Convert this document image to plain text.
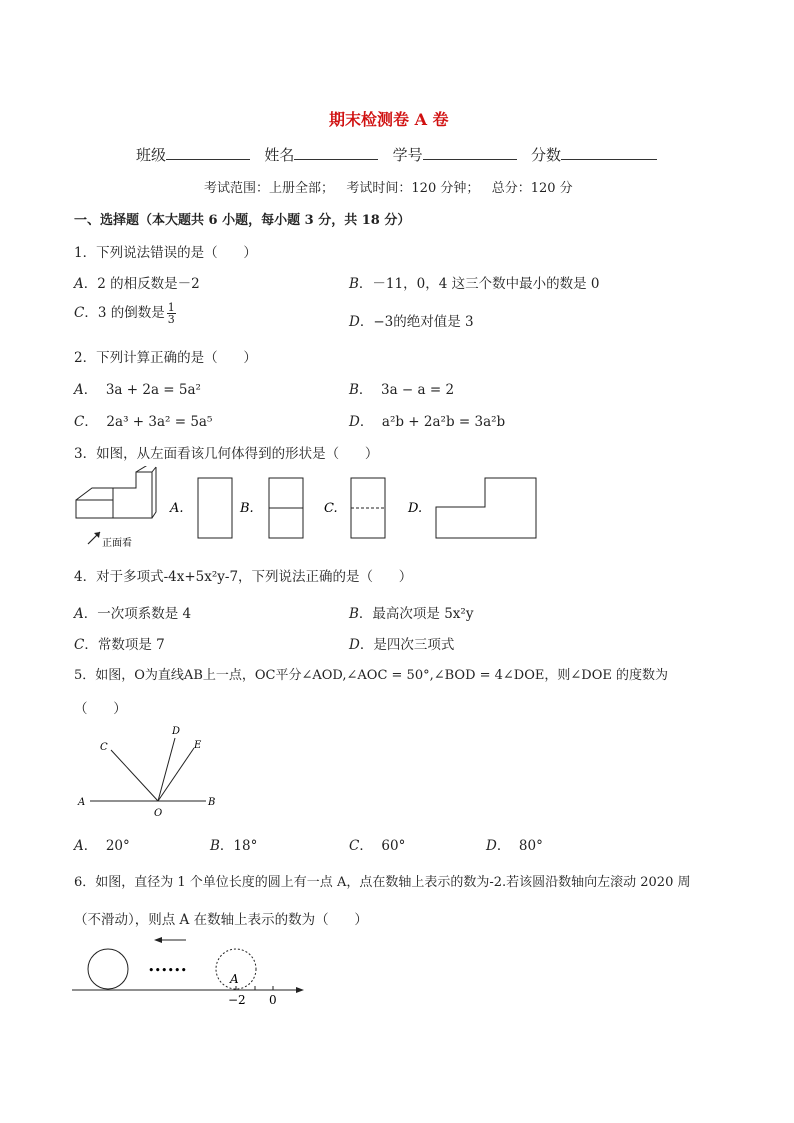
期末检测卷 A 卷
班级	姓名	学号	分数
考试范围：上册全部；   考试时间：120 分钟；   总分：120 分
一、选择题（本大题共 6 小题，每小题 3 分，共 18 分）
1．下列说法错误的是（      ）
A．2 的相反数是－2	B．－11，0，4 这三个数中最小的数是 0
C．3 的倒数是 $\frac{1}{3}$	D．−3的绝对值是 3
2．下列计算正确的是（      ）
A．  3a + 2a = 5a²	B．  3a − a = 2
C．  2a³ + 3a² = 5a⁵	D．  a²b + 2a²b = 3a²b
3．如图，从左面看该几何体得到的形状是（      ）
正面看
A.	B.	C.	D.
4．对于多项式-4x+5x²y-7，下列说法正确的是（      ）
A．一次项系数是 4	B．最高次项是 5x²y
C．常数项是 7	D．是四次三项式
5．如图，O为直线AB上一点，OC平分∠AOD,∠AOC = 50°,∠BOD = 4∠DOE，则∠DOE 的度数为
（      ）
A	B
C
D
E
O
A．  20°	B．18°	C．  60°	D．  80°
6．如图，直径为 1 个单位长度的圆上有一点 A，点在数轴上表示的数为-2.若该圆沿数轴向左滚动 2020 周
（不滑动），则点 A 在数轴上表示的数为（      ）
••••••
A
−2 0
